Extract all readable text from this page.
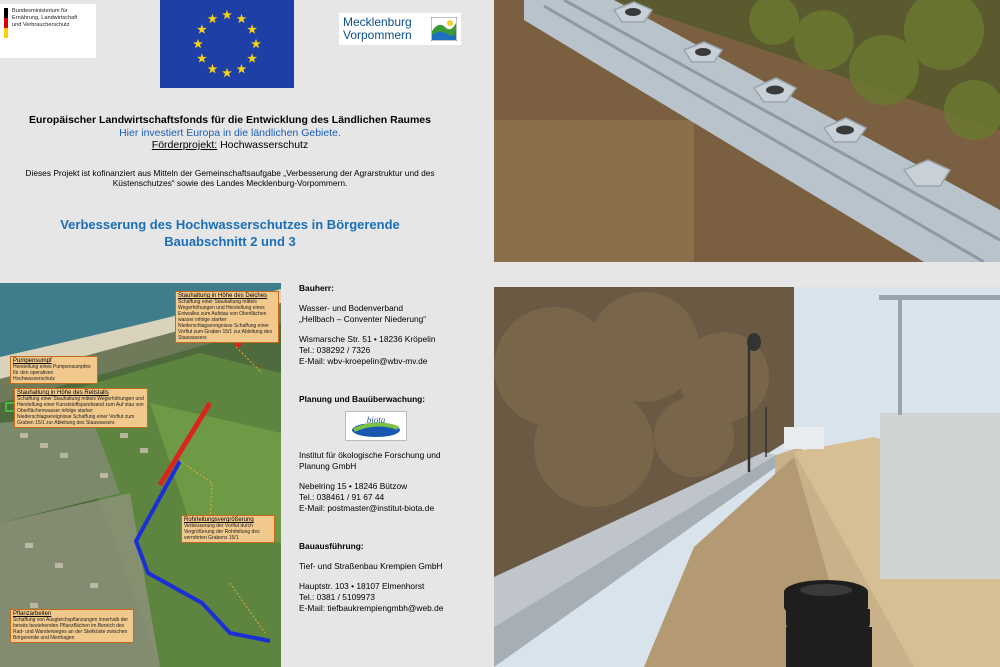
Bundesministerium für
Ernährung, Landwirtschaft
und Verbraucherschutz	Mecklenburg
Vorpommern
Europäischer Landwirtschaftsfonds für die Entwicklung des Ländlichen Raumes
Hier investiert Europa in die ländlichen Gebiete.
Förderprojekt: Hochwasserschutz
Dieses Projekt ist kofinanziert aus Mitteln der Gemeinschaftsaufgabe „Verbesserung der Agrarstruktur und des Küstenschutzes“ sowie des Landes Mecklenburg-Vorpommern.
Verbesserung des Hochwasserschutzes in Börgerende
Bauabschnitt 2 und 3
Stauhaltung in Höhe des Deiches
Schaffung einer Stauhaltung mittels Wegerhöhungen und Herstellung eines Entwalles zum Aufstau von Oberflächen wasser infolge starker Niederschlagsereignisse Schaffung einer Vorflut zum Graben 15/1 zur Ableitung des Stauwassers
Pumpensumpf
Herstellung eines Pumpensumpfes für den operativen Hochwasserschutz
Stauhaltung in Höhe des Reitstalls
Schaffung einer Stauhaltung mittels Wegerhöhungen und Herstellung einer Kunststoffspundwand zum Auf stau von Oberflächenwasser infolge starker Niederschlagsereignisse Schaffung einer Vorflut zum Graben 15/1 zur Ableitung des Stauwassers
Rohrleitungsvergrößerung
Verbesserung der Vorflut durch Vergrößerung der Rohrleitung des verrohrten Grabens 15/1
Pflanzarbeiten
Schaffung von Ausgleichspflanzungen innerhalb der bereits bestehenden Pflanzflächen im Bereich des Rad- und Wanderweges an der Steilküste zwischen Börgerende und Nienhagen
Bauherr:
Wasser- und Bodenverband
„Hellbach – Conventer Niederung“
Wismarsche Str. 51 • 18236 Kröpelin
Tel.: 038292 / 7326
E-Mail: wbv-kroepelin@wbv-mv.de
Planung und Bauüberwachung:
biota
Institut für ökologische Forschung und
Planung GmbH
Nebelring 15 • 18246 Bützow
Tel.: 038461 / 91 67 44
E-Mail: postmaster@institut-biota.de
Bauausführung:
Tief- und Straßenbau Krempien GmbH
Hauptstr. 103 • 18107 Elmenhorst
Tel.: 0381 / 5109973
E-Mail: tiefbaukrempiengmbh@web.de
